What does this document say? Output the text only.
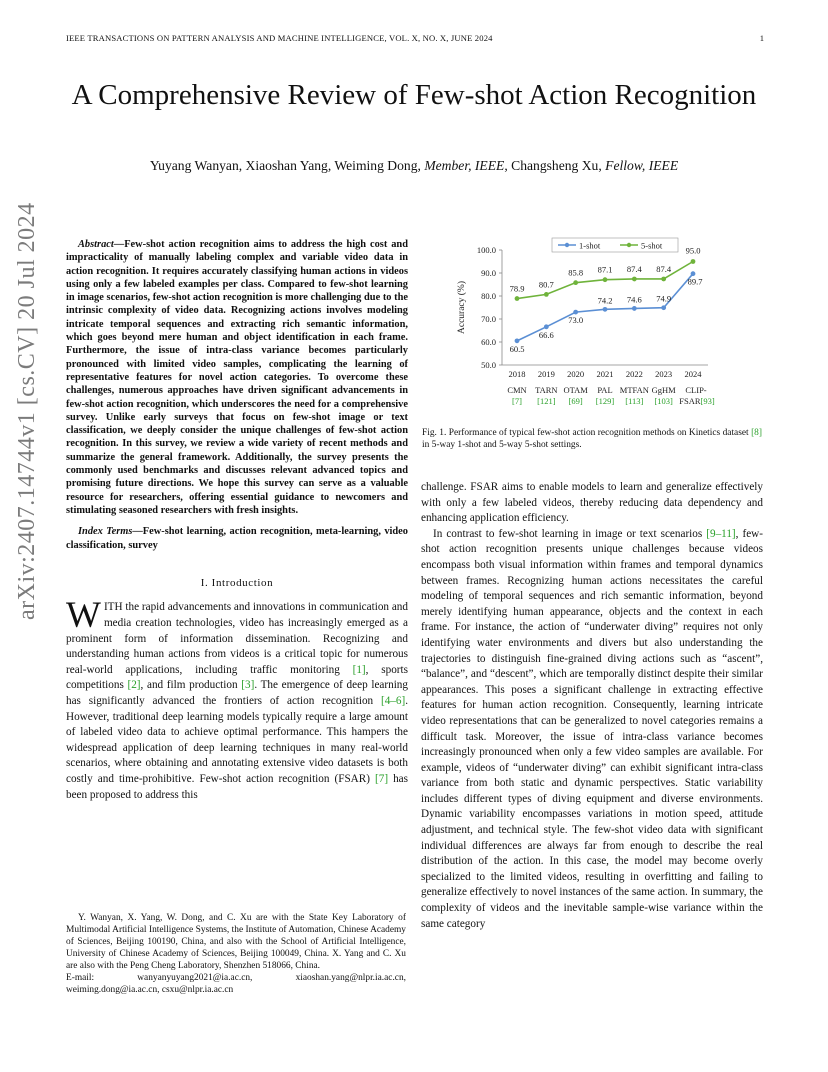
IEEE TRANSACTIONS ON PATTERN ANALYSIS AND MACHINE INTELLIGENCE, VOL. X, NO. X, JUNE 2024	1
arXiv:2407.14744v1 [cs.CV] 20 Jul 2024
A Comprehensive Review of Few-shot Action Recognition
Yuyang Wanyan, Xiaoshan Yang, Weiming Dong, Member, IEEE, Changsheng Xu, Fellow, IEEE

Abstract—Few-shot action recognition aims to address the high cost and impracticality of manually labeling complex and variable video data in action recognition. It requires accurately classifying human actions in videos using only a few labeled examples per class. Compared to few-shot learning in image scenarios, few-shot action recognition is more challenging due to the intrinsic complexity of video data. Recognizing actions involves modeling intricate temporal sequences and extracting rich semantic information, which goes beyond mere human and object identification in each frame. Furthermore, the issue of intra-class variance becomes particularly pronounced with limited video samples, complicating the learning of representative features for novel action categories. To overcome these challenges, numerous approaches have driven significant advancements in few-shot action recognition, which underscores the need for a comprehensive survey. Unlike early surveys that focus on few-shot image or text classification, we deeply consider the unique challenges of few-shot action recognition. In this survey, we review a wide variety of recent methods and summarize the general framework. Additionally, the survey presents the commonly used benchmarks and discusses relevant advanced topics and promising future directions. We hope this survey can serve as a valuable resource for researchers, offering essential guidance to newcomers and stimulating seasoned researchers with fresh insights.

Index Terms—Few-shot learning, action recognition, meta-learning, video classification, survey

I. Introduction

WITH the rapid advancements and innovations in communication and media creation technologies, video has increasingly emerged as a prominent form of information dissemination. Recognizing and understanding human actions from videos is a critical topic for numerous real-world applications, including traffic monitoring [1], sports competitions [2], and film production [3]. The emergence of deep learning has significantly advanced the frontiers of action recognition [4–6]. However, traditional deep learning models typically require a large amount of labeled video data to achieve optimal performance. This hampers the widespread application of deep learning techniques in many real-world scenarios, where obtaining and annotating extensive video datasets is both costly and time-prohibitive. Few-shot action recognition (FSAR) [7] has been proposed to address this

Y. Wanyan, X. Yang, W. Dong, and C. Xu are with the State Key Laboratory of Multimodal Artificial Intelligence Systems, the Institute of Automation, Chinese Academy of Sciences, Beijing 100190, China, and also with the School of Artificial Intelligence, University of Chinese Academy of Sciences, Beijing 100049, China. X. Yang and C. Xu are also with the Peng Cheng Laboratory, Shenzhen 518066, China.

E-mail: wanyanyuyang2021@ia.ac.cn, xiaoshan.yang@nlpr.ia.ac.cn, weiming.dong@ia.ac.cn, csxu@nlpr.ia.ac.cn

50.0
60.0
70.0
80.0
90.0
100.0
Accuracy (%)
2018
CMN
[7]
2019
TARN
[121]
2020
OTAM
[69]
2021
PAL
[129]
2022
MTFAN
[113]
2023
GgHM
[103]
2024
CLIP-
FSAR[93]
60.5
66.6
73.0
74.2 74.6 74.9
89.7
78.9 80.7
85.8 87.1 87.4 87.4
95.0
1-shot	5-shot
Fig. 1. Performance of typical few-shot action recognition methods on Kinetics dataset [8] in 5-way 1-shot and 5-way 5-shot settings.

challenge. FSAR aims to enable models to learn and generalize effectively with only a few labeled videos, thereby reducing data dependency and enhancing application efficiency.

In contrast to few-shot learning in image or text scenarios [9–11], few-shot action recognition presents unique challenges because videos encompass both visual information within frames and temporal dynamics between frames. Recognizing human actions necessitates the careful modeling of temporal sequences and rich semantic information, beyond merely identifying human appearance, objects and the context in each frame. For instance, the action of “underwater diving” requires not only identifying water environments and divers but also understanding the trajectories to distinguish fine-grained diving actions such as “ascent”, “balance”, and “descent”, which are temporally distinct despite their similar appearances. This poses a significant challenge in extracting effective features for human action recognition. Consequently, learning intricate video representations that can be generalized to novel categories remains a difficult task. Moreover, the issue of intra-class variance becomes increasingly pronounced when only a few video samples are available. For example, videos of “underwater diving” can exhibit significant intra-class variance from both static and dynamic perspectives. Static variability includes different types of diving equipment and diverse environments. Dynamic variability encompasses variations in motion speed, attitude adjustment, and technical style. The few-shot video data with significant individual differences are always far from enough to describe the real distribution of the action. In this case, the model may become overly specialized to the limited videos, resulting in overfitting and failing to generalize effectively to novel instances of the same action. In summary, the complexity of videos and the inevitable sample-wise variance within the same category
